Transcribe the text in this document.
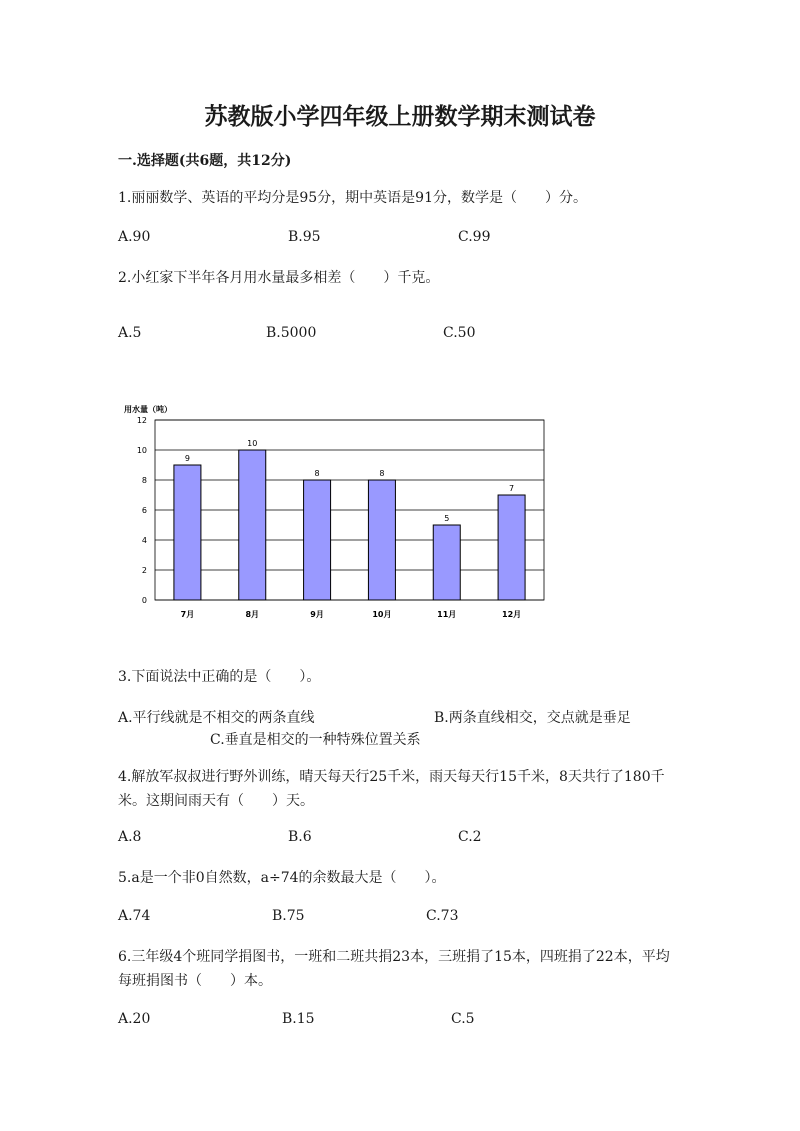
苏教版小学四年级上册数学期末测试卷
一.选择题(共6题，共12分)
1.丽丽数学、英语的平均分是95分，期中英语是91分，数学是（　　）分。
A.90	B.95	C.99
2.小红家下半年各月用水量最多相差（　　）千克。
A.5	B.5000	C.50
用水量（吨）
0
2
4
6
8
10
12
9
7月
10
8月
8
9月
8
10月
5
11月
7
12月
3.下面说法中正确的是（　　）。
A.平行线就是不相交的两条直线	B.两条直线相交，交点就是垂足
C.垂直是相交的一种特殊位置关系
4.解放军叔叔进行野外训练，晴天每天行25千米，雨天每天行15千米，8天共行了180千米。这期间雨天有（　　）天。
A.8	B.6	C.2
5.a是一个非0自然数，a÷74的余数最大是（　　）。
A.74	B.75	C.73
6.三年级4个班同学捐图书，一班和二班共捐23本，三班捐了15本，四班捐了22本，平均每班捐图书（　　）本。
A.20	B.15	C.5
